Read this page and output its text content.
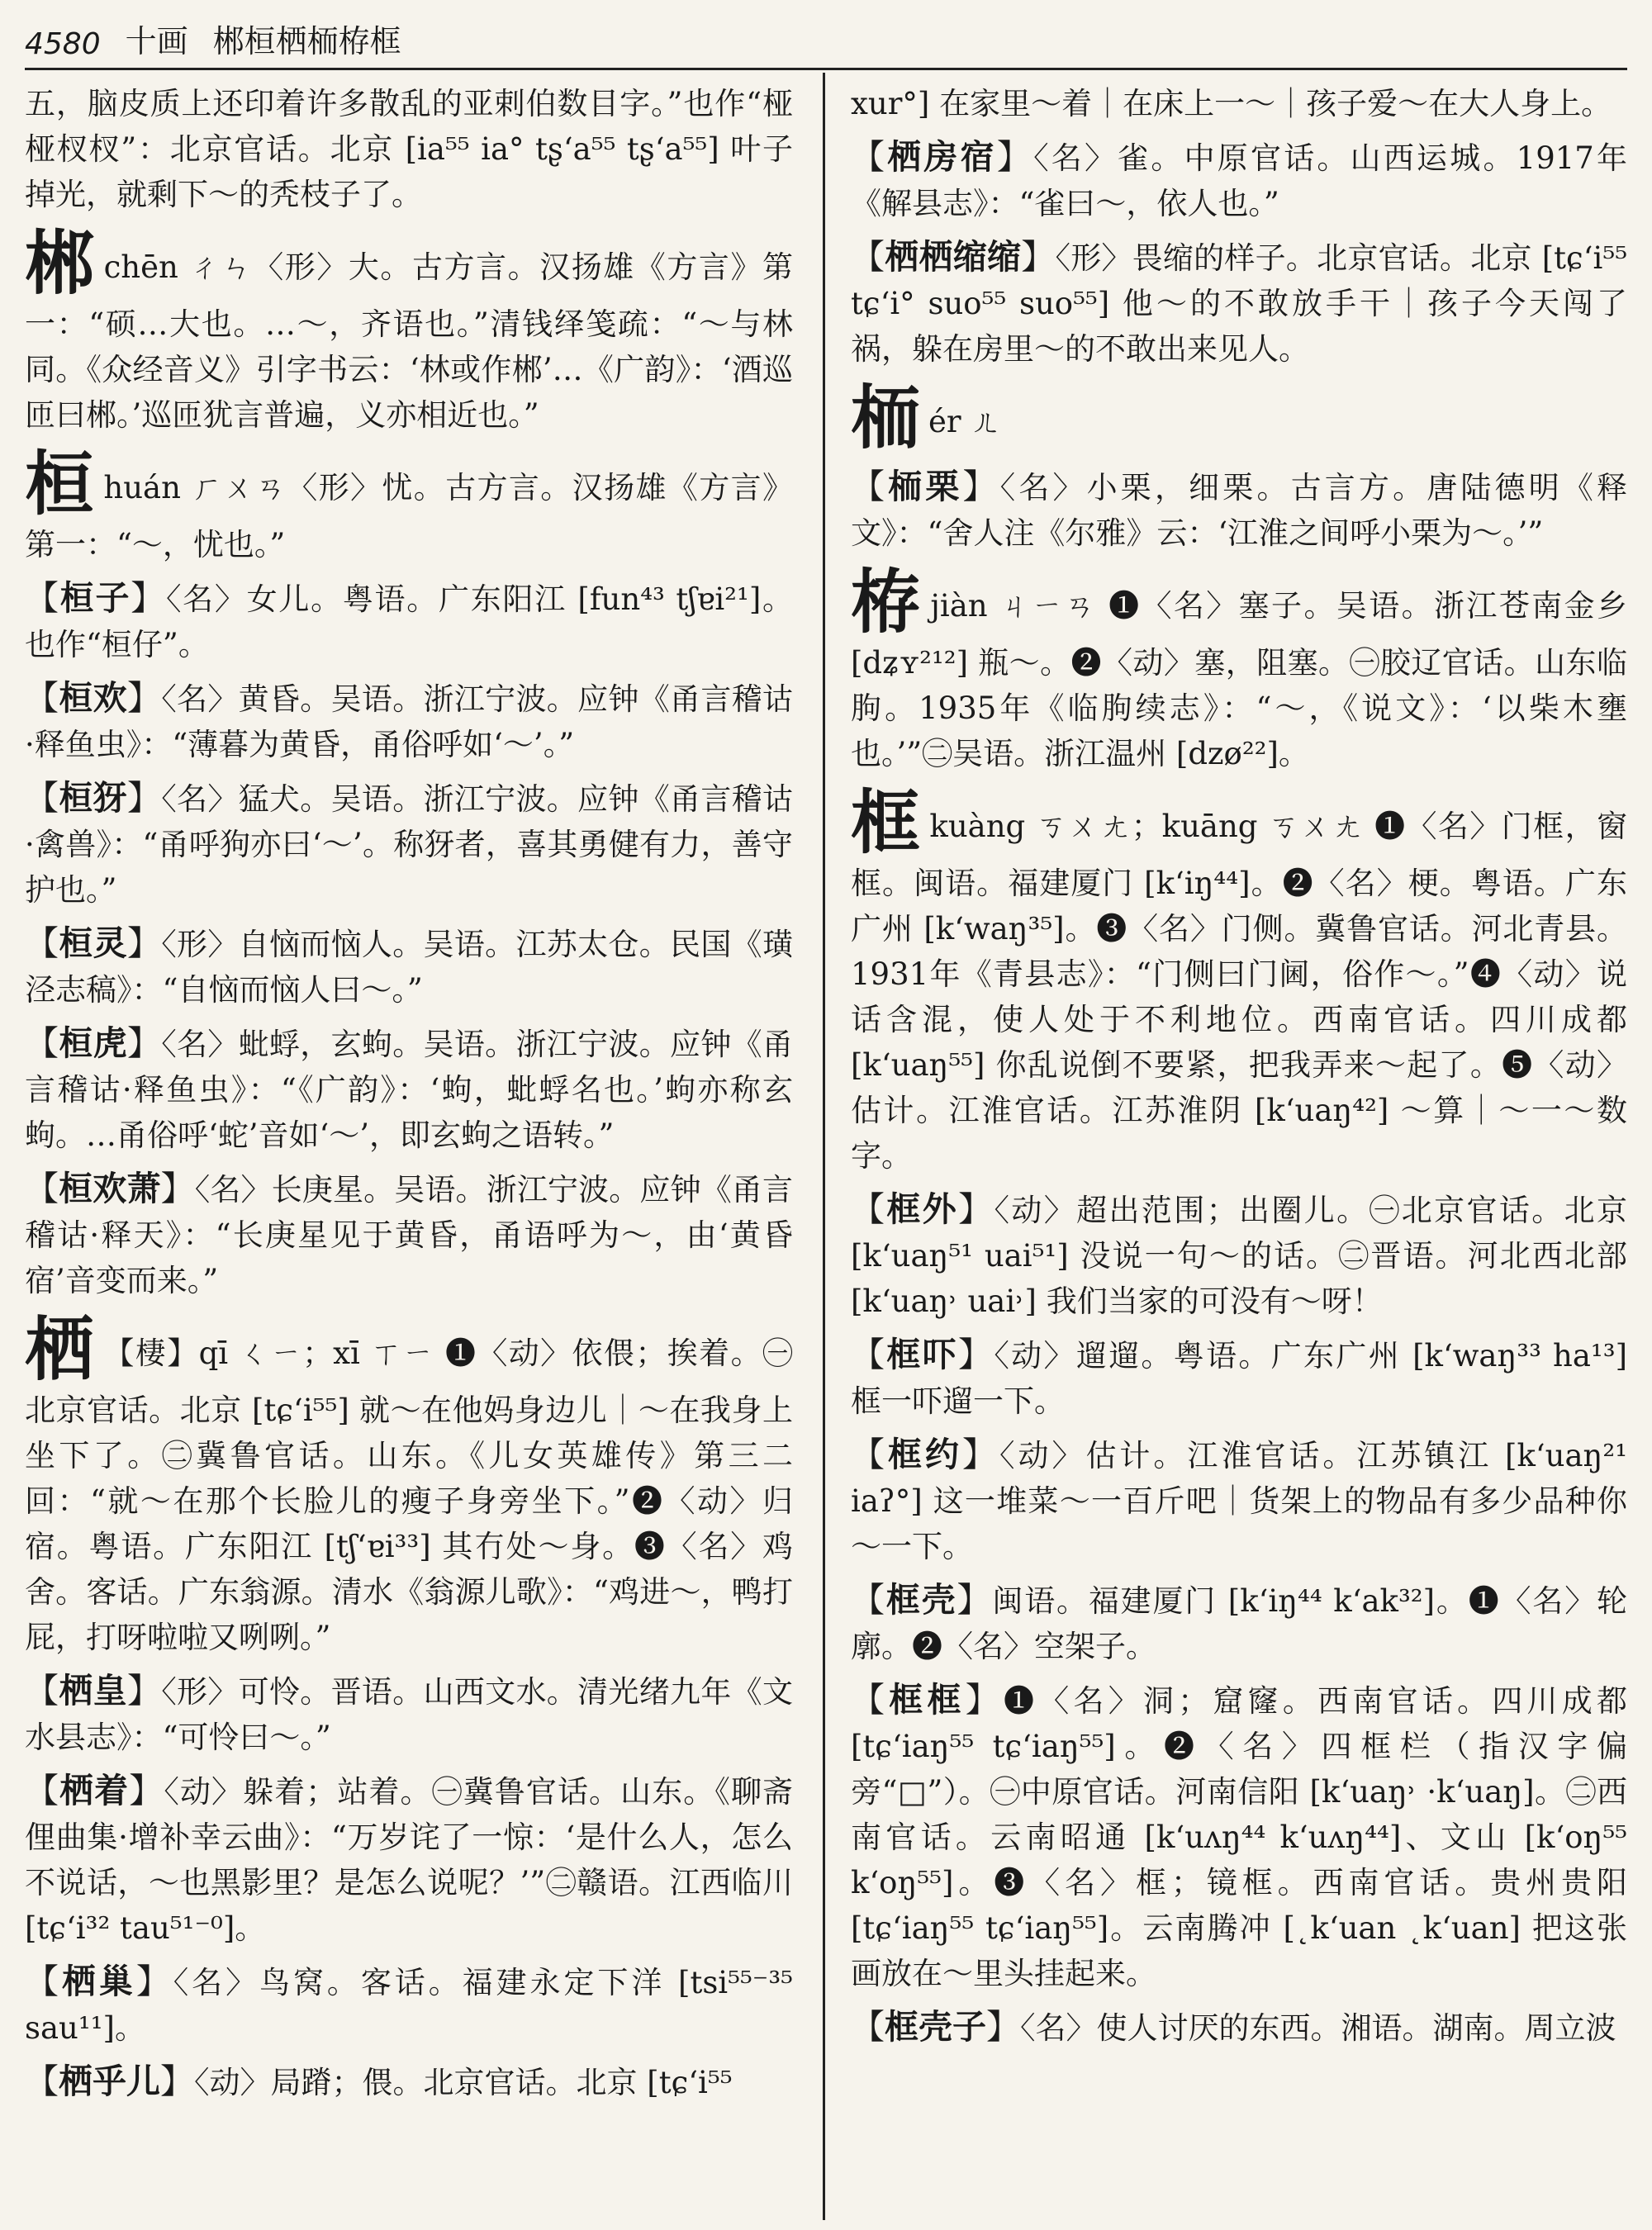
4580 十画 郴桓栖栭栫框

五，脑皮质上还印着许多散乱的亚剌伯数目字。”也作“桠桠杈杈”：北京官话。北京 [ia⁵⁵ ia° tʂ‘a⁵⁵ tʂ‘a⁵⁵] 叶子掉光，就剩下～的秃枝子了。

郴chēn ㄔㄣ〈形〉大。古方言。汉扬雄《方言》第一：“硕…大也。…～，齐语也。”清钱绎笺疏：“～与林同。《众经音义》引字书云：‘林或作郴’…《广韵》：‘酒巡匝曰郴。’巡匝犹言普遍，义亦相近也。”

桓huán ㄏㄨㄢ〈形〉忧。古方言。汉扬雄《方言》第一：“～，忧也。”

【桓子】〈名〉女儿。粤语。广东阳江 [fun⁴³ tʃɐi²¹]。也作“桓仔”。

【桓欢】〈名〉黄昏。吴语。浙江宁波。应钟《甬言稽诂·释鱼虫》：“薄暮为黄昏，甬俗呼如‘～’。”

【桓犽】〈名〉猛犬。吴语。浙江宁波。应钟《甬言稽诂·禽兽》：“甬呼狗亦曰‘～’。称犽者，喜其勇健有力，善守护也。”

【桓灵】〈形〉自恼而恼人。吴语。江苏太仓。民国《璜泾志稿》：“自恼而恼人曰～。”

【桓虎】〈名〉蚍蜉，玄蚼。吴语。浙江宁波。应钟《甬言稽诂·释鱼虫》：“《广韵》：‘蚼，蚍蜉名也。’蚼亦称玄蚼。…甬俗呼‘蛇’音如‘～’，即玄蚼之语转。”

【桓欢萧】〈名〉长庚星。吴语。浙江宁波。应钟《甬言稽诂·释天》：“长庚星见于黄昏，甬语呼为～，由‘黄昏宿’音变而来。”

栖 【棲】qī ㄑㄧ；xī ㄒㄧ ❶〈动〉依偎；挨着。㊀北京官话。北京 [tɕ‘i⁵⁵] 就～在他妈身边儿｜～在我身上坐下了。㊁冀鲁官话。山东。《儿女英雄传》第三二回：“就～在那个长脸儿的瘦子身旁坐下。”❷〈动〉归宿。粤语。广东阳江 [tʃ‘ɐi³³] 其冇处～身。❸〈名〉鸡舍。客话。广东翁源。清水《翁源儿歌》：“鸡进～，鸭打屁，打呀啦啦又咧咧。”

【栖皇】〈形〉可怜。晋语。山西文水。清光绪九年《文水县志》：“可怜曰～。”

【栖着】〈动〉躲着；站着。㊀冀鲁官话。山东。《聊斋俚曲集·增补幸云曲》：“万岁诧了一惊：‘是什么人，怎么不说话，～也黑影里？是怎么说呢？’”㊁赣语。江西临川 [tɕ‘i³² tau⁵¹⁻⁰]。

【栖巢】〈名〉鸟窝。客话。福建永定下洋 [tsi⁵⁵⁻³⁵ sau¹¹]。

【栖乎儿】〈动〉局蹐；偎。北京官话。北京 [tɕ‘i⁵⁵

xur°] 在家里～着｜在床上一～｜孩子爱～在大人身上。

【栖房宿】〈名〉雀。中原官话。山西运城。1917年《解县志》：“雀曰～，依人也。”

【栖栖缩缩】〈形〉畏缩的样子。北京官话。北京 [tɕ‘i⁵⁵ tɕ‘i° suo⁵⁵ suo⁵⁵] 他～的不敢放手干｜孩子今天闯了祸，躲在房里～的不敢出来见人。

栭ér ㄦ

【栭栗】〈名〉小栗，细栗。古言方。唐陆德明《释文》：“舍人注《尔雅》云：‘江淮之间呼小栗为～。’”

栫jiàn ㄐㄧㄢ ❶〈名〉塞子。吴语。浙江苍南金乡 [dʑʏ²¹²] 瓶～。❷〈动〉塞，阻塞。㊀胶辽官话。山东临朐。1935年《临朐续志》：“～，《说文》：‘以柴木壅也。’”㊁吴语。浙江温州 [dzø²²]。

框kuàng ㄎㄨㄤ；kuāng ㄎㄨㄤ ❶〈名〉门框，窗框。闽语。福建厦门 [k‘iŋ⁴⁴]。❷〈名〉梗。粤语。广东广州 [k‘waŋ³⁵]。❸〈名〉门侧。冀鲁官话。河北青县。1931年《青县志》：“门侧曰门阃，俗作～。”❹〈动〉说话含混，使人处于不利地位。西南官话。四川成都 [k‘uaŋ⁵⁵] 你乱说倒不要紧，把我弄来～起了。❺〈动〉估计。江淮官话。江苏淮阴 [k‘uaŋ⁴²] ～算｜～一～数字。

【框外】〈动〉超出范围；出圈儿。㊀北京官话。北京 [k‘uaŋ⁵¹ uai⁵¹] 没说一句～的话。㊁晋语。河北西北部 [k‘uaŋ˒ uai˒] 我们当家的可没有～呀！

【框吓】〈动〉遛遛。粤语。广东广州 [k‘waŋ³³ ha¹³] 框一吓遛一下。

【框约】〈动〉估计。江淮官话。江苏镇江 [k‘uaŋ²¹ iaʔ°] 这一堆菜～一百斤吧｜货架上的物品有多少品种你～一下。

【框壳】闽语。福建厦门 [k‘iŋ⁴⁴ k‘ak³²]。❶〈名〉轮廓。❷〈名〉空架子。

【框框】❶〈名〉洞；窟窿。西南官话。四川成都 [tɕ‘iaŋ⁵⁵ tɕ‘iaŋ⁵⁵]。❷〈名〉四框栏（指汉字偏旁“□”）。㊀中原官话。河南信阳 [k‘uaŋ˒ ·k‘uaŋ]。㊁西南官话。云南昭通 [k‘uʌŋ⁴⁴ k‘uʌŋ⁴⁴]、文山 [k‘oŋ⁵⁵ k‘oŋ⁵⁵]。❸〈名〉框；镜框。西南官话。贵州贵阳 [tɕ‘iaŋ⁵⁵ tɕ‘iaŋ⁵⁵]。云南腾冲 [˛k‘uan ˛k‘uan] 把这张画放在～里头挂起来。

【框壳子】〈名〉使人讨厌的东西。湘语。湖南。周立波
